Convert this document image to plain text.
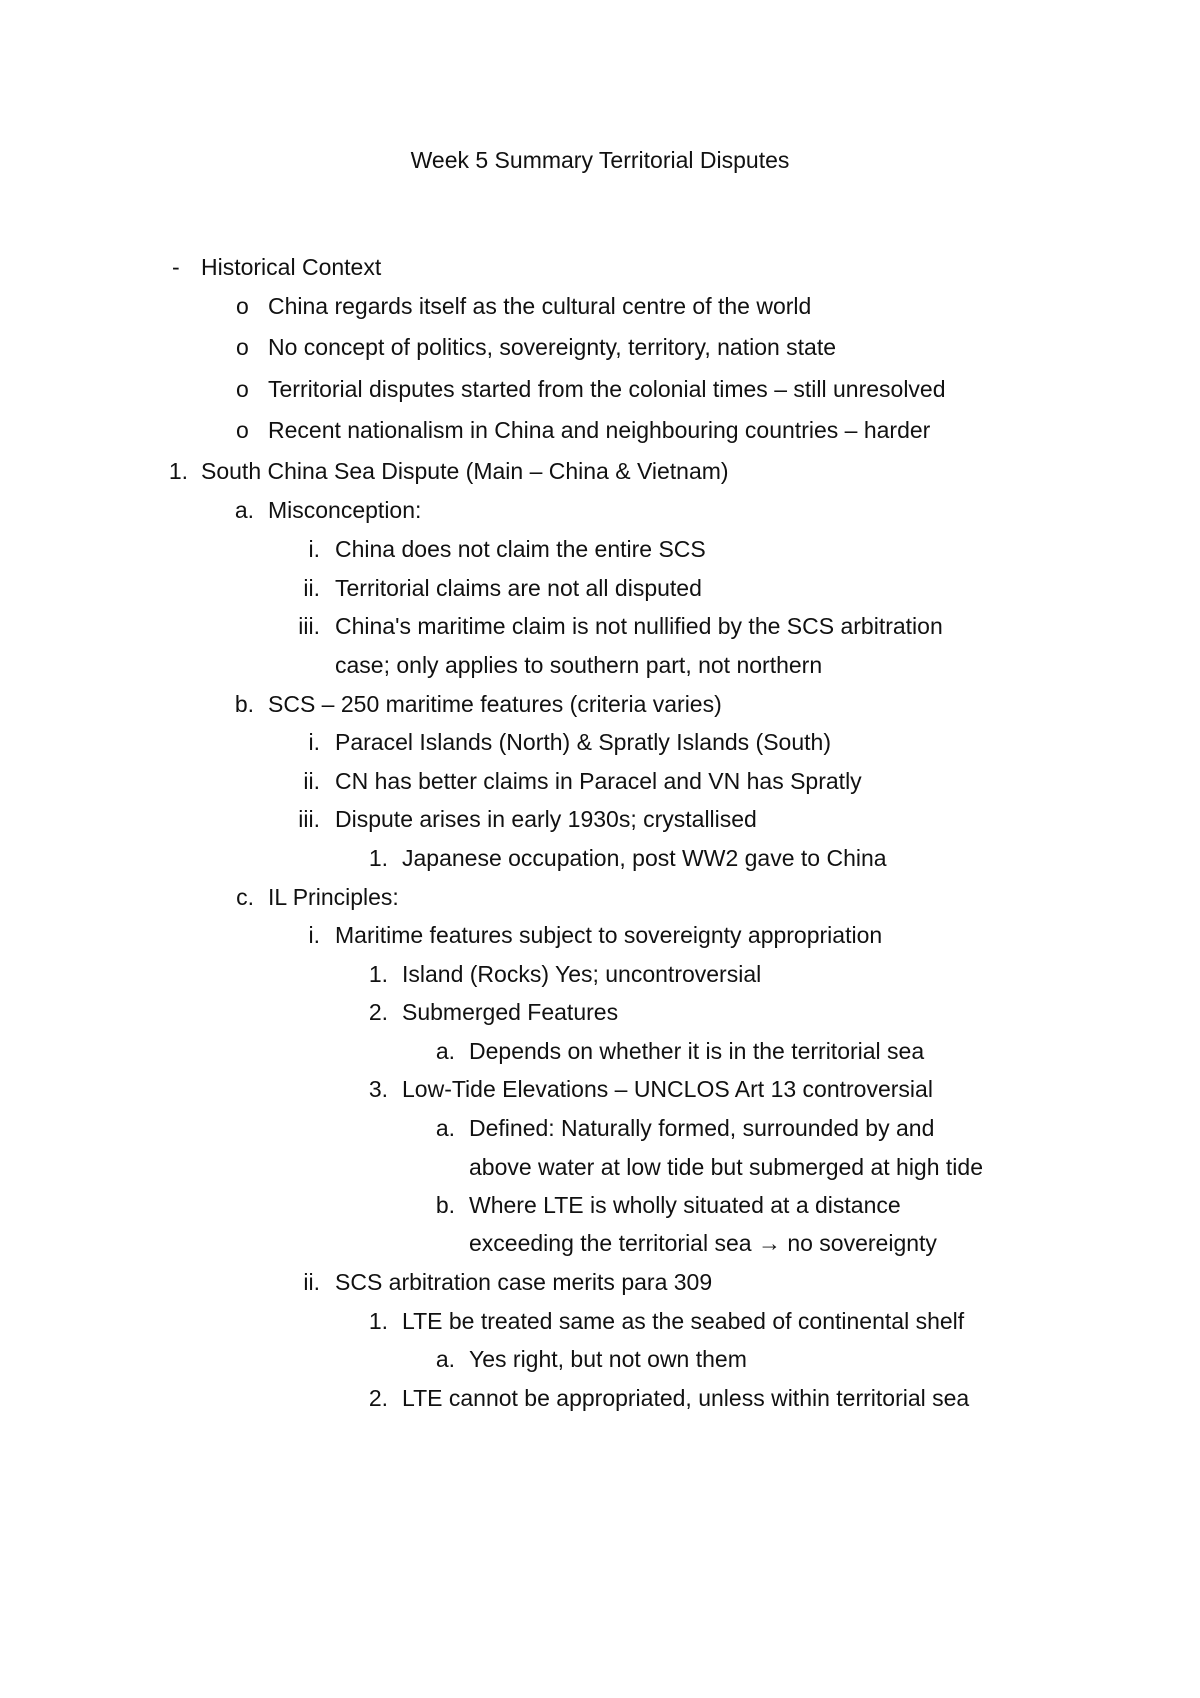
Week 5 Summary Territorial Disputes
- Historical Context
o China regards itself as the cultural centre of the world
o No concept of politics, sovereignty, territory, nation state
o Territorial disputes started from the colonial times – still unresolved
o Recent nationalism in China and neighbouring countries – harder
1. South China Sea Dispute (Main – China & Vietnam)
a. Misconception:
i. China does not claim the entire SCS
ii. Territorial claims are not all disputed
iii. China's maritime claim is not nullified by the SCS arbitration
case; only applies to southern part, not northern
b. SCS – 250 maritime features (criteria varies)
i. Paracel Islands (North) & Spratly Islands (South)
ii. CN has better claims in Paracel and VN has Spratly
iii. Dispute arises in early 1930s; crystallised
1. Japanese occupation, post WW2 gave to China
c. IL Principles:
i. Maritime features subject to sovereignty appropriation
1. Island (Rocks) Yes; uncontroversial
2. Submerged Features
a. Depends on whether it is in the territorial sea
3. Low-Tide Elevations – UNCLOS Art 13 controversial
a. Defined: Naturally formed, surrounded by and
above water at low tide but submerged at high tide
b. Where LTE is wholly situated at a distance
exceeding the territorial sea → no sovereignty
ii. SCS arbitration case merits para 309
1. LTE be treated same as the seabed of continental shelf
a. Yes right, but not own them
2. LTE cannot be appropriated, unless within territorial sea
